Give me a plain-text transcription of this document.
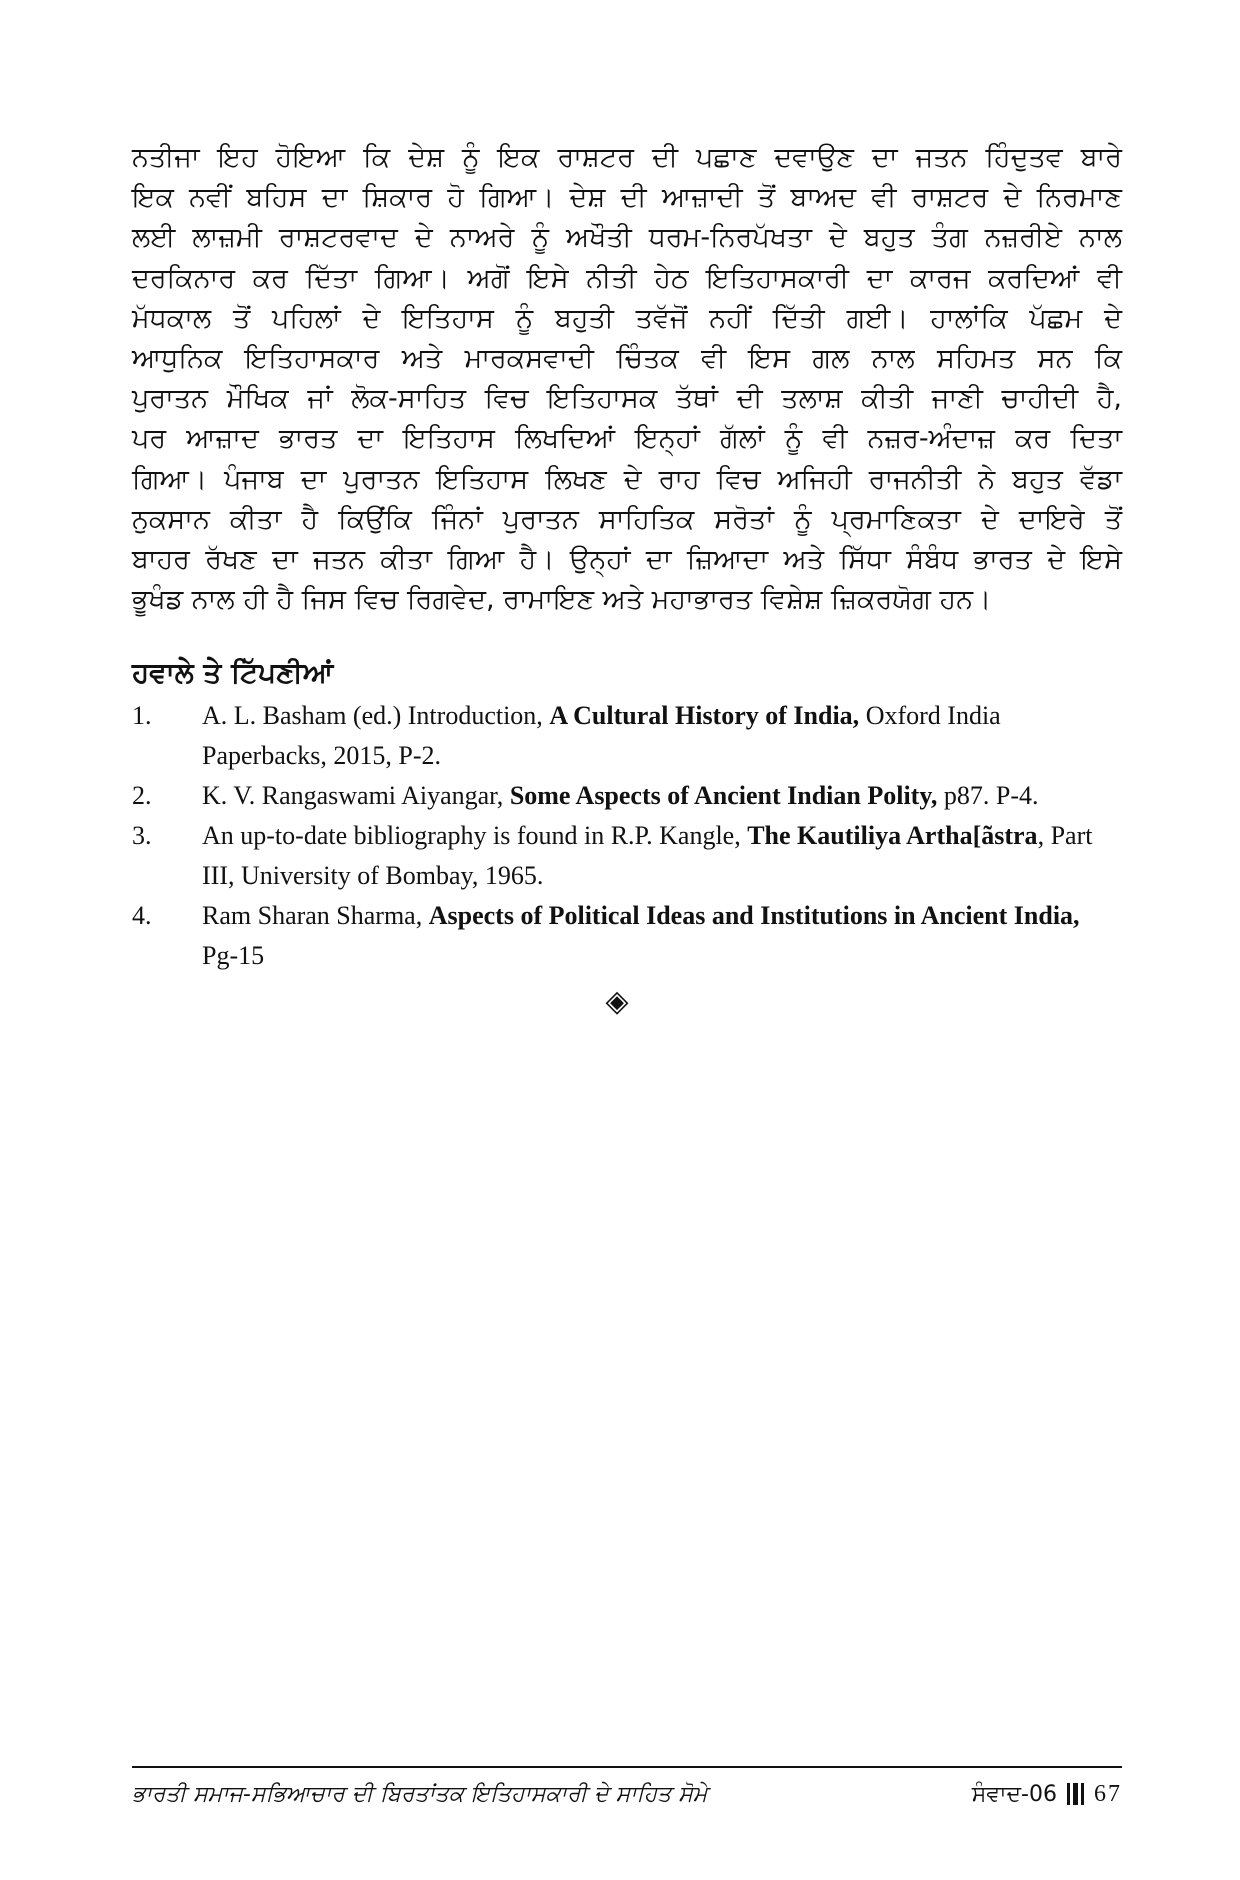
ਨਤੀਜਾ ਇਹ ਹੋਇਆ ਕਿ ਦੇਸ਼ ਨੂੰ ਇਕ ਰਾਸ਼ਟਰ ਦੀ ਪਛਾਣ ਦਵਾਉਣ ਦਾ ਜਤਨ ਹਿੰਦੁਤਵ ਬਾਰੇ
ਇਕ ਨਵੀਂ ਬਹਿਸ ਦਾ ਸ਼ਿਕਾਰ ਹੋ ਗਿਆ। ਦੇਸ਼ ਦੀ ਆਜ਼ਾਦੀ ਤੋਂ ਬਾਅਦ ਵੀ ਰਾਸ਼ਟਰ ਦੇ ਨਿਰਮਾਣ
ਲਈ ਲਾਜ਼ਮੀ ਰਾਸ਼ਟਰਵਾਦ ਦੇ ਨਾਅਰੇ ਨੂੰ ਅਖੌਤੀ ਧਰਮ-ਨਿਰਪੱਖਤਾ ਦੇ ਬਹੁਤ ਤੰਗ ਨਜ਼ਰੀਏ ਨਾਲ
ਦਰਕਿਨਾਰ ਕਰ ਦਿੱਤਾ ਗਿਆ। ਅਗੋਂ ਇਸੇ ਨੀਤੀ ਹੇਠ ਇਤਿਹਾਸਕਾਰੀ ਦਾ ਕਾਰਜ ਕਰਦਿਆਂ ਵੀ
ਮੱਧਕਾਲ ਤੋਂ ਪਹਿਲਾਂ ਦੇ ਇਤਿਹਾਸ ਨੂੰ ਬਹੁਤੀ ਤਵੱਜੋਂ ਨਹੀਂ ਦਿੱਤੀ ਗਈ। ਹਾਲਾਂਕਿ ਪੱਛਮ ਦੇ
ਆਧੁਨਿਕ ਇਤਿਹਾਸਕਾਰ ਅਤੇ ਮਾਰਕਸਵਾਦੀ ਚਿੰਤਕ ਵੀ ਇਸ ਗਲ ਨਾਲ ਸਹਿਮਤ ਸਨ ਕਿ
ਪੁਰਾਤਨ ਮੌਖਿਕ ਜਾਂ ਲੋਕ-ਸਾਹਿਤ ਵਿਚ ਇਤਿਹਾਸਕ ਤੱਥਾਂ ਦੀ ਤਲਾਸ਼ ਕੀਤੀ ਜਾਣੀ ਚਾਹੀਦੀ ਹੈ,
ਪਰ ਆਜ਼ਾਦ ਭਾਰਤ ਦਾ ਇਤਿਹਾਸ ਲਿਖਦਿਆਂ ਇਨ੍ਹਾਂ ਗੱਲਾਂ ਨੂੰ ਵੀ ਨਜ਼ਰ-ਅੰਦਾਜ਼ ਕਰ ਦਿਤਾ
ਗਿਆ। ਪੰਜਾਬ ਦਾ ਪੁਰਾਤਨ ਇਤਿਹਾਸ ਲਿਖਣ ਦੇ ਰਾਹ ਵਿਚ ਅਜਿਹੀ ਰਾਜਨੀਤੀ ਨੇ ਬਹੁਤ ਵੱਡਾ
ਨੁਕਸਾਨ ਕੀਤਾ ਹੈ ਕਿਉਂਕਿ ਜਿੰਨਾਂ ਪੁਰਾਤਨ ਸਾਹਿਤਿਕ ਸਰੋਤਾਂ ਨੂੰ ਪ੍ਰਮਾਣਿਕਤਾ ਦੇ ਦਾਇਰੇ ਤੋਂ
ਬਾਹਰ ਰੱਖਣ ਦਾ ਜਤਨ ਕੀਤਾ ਗਿਆ ਹੈ। ਉਨ੍ਹਾਂ ਦਾ ਜ਼ਿਆਦਾ ਅਤੇ ਸਿੱਧਾ ਸੰਬੰਧ ਭਾਰਤ ਦੇ ਇਸੇ
ਭੂਖੰਡ ਨਾਲ ਹੀ ਹੈ ਜਿਸ ਵਿਚ ਰਿਗਵੇਦ, ਰਾਮਾਇਣ ਅਤੇ ਮਹਾਭਾਰਤ ਵਿਸ਼ੇਸ਼ ਜ਼ਿਕਰਯੋਗ ਹਨ।
ਹਵਾਲੇ ਤੇ ਟਿੱਪਣੀਆਂ
1.	A. L. Basham (ed.) Introduction, A Cultural History of India, Oxford India Paperbacks, 2015, P-2.
2.	K. V. Rangaswami Aiyangar, Some Aspects of Ancient Indian Polity, p87. P-4.
3.	An up-to-date bibliography is found in R.P. Kangle, The Kautiliya Artha[ãstra, Part III, University of Bombay, 1965.
4.	Ram Sharan Sharma, Aspects of Political Ideas and Institutions in Ancient India, Pg-15
◈
ਭਾਰਤੀ ਸਮਾਜ-ਸਭਿਆਚਾਰ ਦੀ ਬਿਰਤਾਂਤਕ ਇਤਿਹਾਸਕਾਰੀ ਦੇ ਸਾਹਿਤ ਸੋਮੇ	ਸੰਵਾਦ-06 67
